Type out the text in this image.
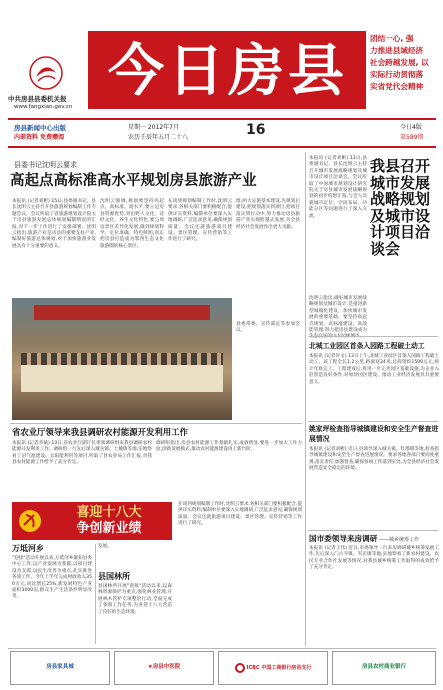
中共房县县委机关报
www.fangxian.gov.cn
今日房县	团结一心, 强
力推进县域经济
社会跨越发展, 以
实际行动贯彻落
实省党代会精神
房县新闻中心出版
内部资料 免费赠阅
星期一 2012年7月
农历壬辰年五月二十八	16	今日4版
第589期
县委书记沈明云要求
高起点高标准高水平规划房县旅游产业
本报讯 (记者刘彬) 15日,县委副书记、县长沈明云主持召开县旅游规划编制工作专题会议。会议听取了省旅游规划设计院关于房县旅游发展总体规划编制情况的汇报,对下一步工作进行了安排部署。沈明云指出,旅游产业是房县的重要支柱产业,编制好旅游总体规划,对于加快旅游业发展具有十分重要的意义。
沈明云强调,规划要坚持高起点、高标准、高水平,要立足房县资源优势,突出野人文化、诗经文化、养生文化特色,要与周边景区差异化发展,做到规划科学、定位准确、特色鲜明,真正把房县打造成为鄂西生态文化旅游圈的核心景区。
在谈到规划编制工作时,沈明云要求,各相关部门要积极配合,提供详实资料,编制单位要深入实地调研,广泛征求意见,确保规划质量。会议还就旅游项目建设、景区管理、宣传营销等工作进行了研究。
增,两大实施基本建设,先规划后建设,把规划落实到项目,把项目落实到行动中,努力推动房县旅游产业实现跨越式发展,为全县经济社会发展作出更大贡献。
县委常委、宣传部长等参加会议。
省农业厅领导来我县调研农村能源开发利用工作
本报讯 (记者李斌) 13日,省农业厅副厅长率领调研组来我县调研农村能源开发利用工作。调研组一行先后深入城关镇、土城镇等地,实地察看了沼气池建设、太阳能利用等项目,听取了县农业局工作汇报,对我县农村能源工作给予了充分肯定。
调研组指出,房县农村能源工作基础扎实,成效明显,要进一步加大工作力度,创新发展模式,推动农村能源建设再上新台阶。
喜迎十八大
争创新业绩
万坻河乡
"迎接"活动开展以来,万坻河乡紧扣县委中心工作,以产业发展为基础,以项目建设为支撑,以民生改善为重点,扎实推进各项工作。今年上半年完成财政收入350万元,同比增长25%,新发展特色产业面积3000亩,群众生产生活条件明显改善。
发展。
县国林所
县国林所开展"迎接"活动以来,以森林资源保护为重点,强化林业管理,开展林木管护专项整治行动,全面完成了各项工作任务,为喜迎十八大营造了良好的生态环境。
在谈到规划编制工作时,沈明云要求,各相关部门要积极配合,提供详实资料,编制单位要深入实地调研,广泛征求意见,确保规划质量。会议还就旅游项目建设、景区管理、宣传营销等工作进行了研究。
本报讯 (记者刘彬) 13日,县委副书记、县长沈明云主持召开城市发展战略规划及城市设计项目洽谈会。会议听取了中国城市规划设计研究院关于房县城市发展战略规划的初步构想汇报,与会人员就城市定位、空间布局、功能分区等问题进行了深入交流。
我县召开城市发展战略规划及城市设计项目洽谈会
沈明云指出,做好城市发展战略规划及城市设计,是推进新型城镇化建设、加快城市发展的重要基础。要坚持高起点规划、高标准建设、高效能管理,努力把房县建设成为
北城工业园区首条入园路工程破土动工
本报讯 (记者许文) 13日上午,北城工业园区首条入园路工程破土动工。该工程全长1.2公里,路面宽24米,总投资约1500万元,预计年底完工。工程建成后,将进一步完善园区基础设施,为企业入驻创造良好条件,对加快园区建设、推动工业经济发展具有重要意义。
姚家坪检查指导城镇建设和安全生产督查进展情况
本报讯 (记者刘彬) 近日,县领导深入城关镇、红塔镇等地,检查指导城镇建设和安全生产督查进展情况。要求各地各部门要高度重视,落实责任,加强督查,确保各项工作落到实处,为全县经济社会发展营造安全稳定的环境。
国市委领导来房调研 ——城乡统筹工作
本报讯 (记者王伟) 近日,市委领导一行来房调研城乡统筹发展工作,先后深入门古寺镇、军店镇等地,实地察看了新农村建设、农民专业合作社发展等情况,对我县城乡统筹工作取得的成效给予了充分肯定。
房县家具城	★房县中医院	ICBC 中国工商银行房县支行	房县农村商业银行
